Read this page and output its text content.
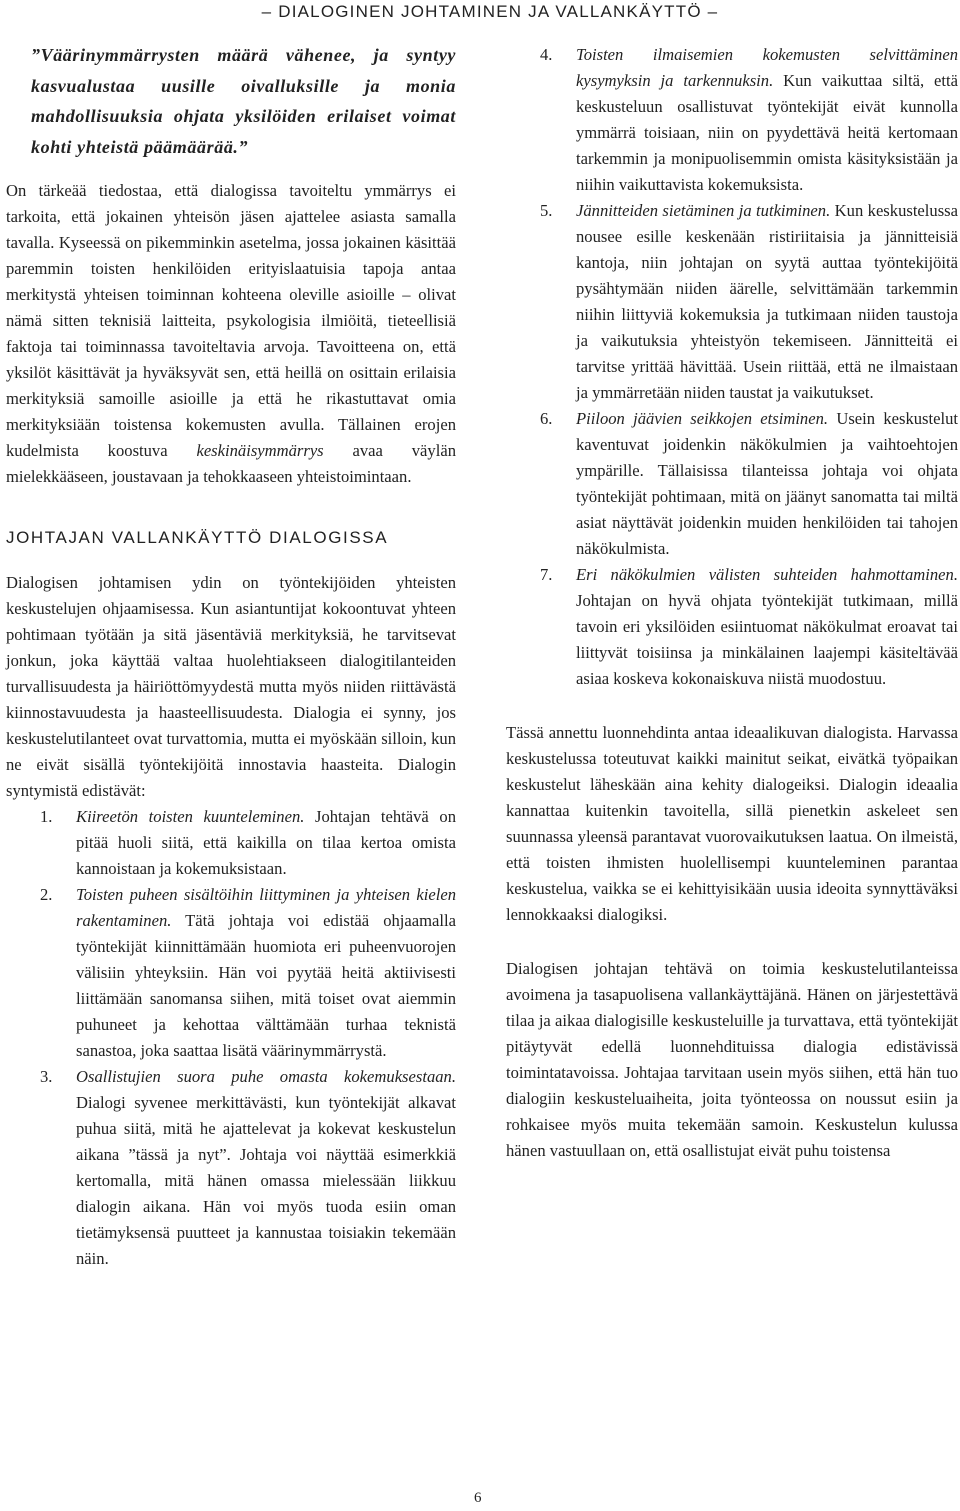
– DIALOGINEN JOHTAMINEN JA VALLANKÄYTTÖ –

”Väärinymmärrysten määrä vähenee, ja syntyy kasvualustaa uusille oivalluksille ja monia mahdollisuuksia ohjata yksilöiden erilaiset voimat kohti yhteistä päämäärää.”

On tärkeää tiedostaa, että dialogissa tavoiteltu ymmärrys ei tarkoita, että jokainen yhteisön jäsen ajattelee asiasta samalla tavalla. Kyseessä on pikemminkin asetelma, jossa jokainen käsittää paremmin toisten henkilöiden erityislaatuisia tapoja antaa merkitystä yhteisen toiminnan kohteena oleville asioille – olivat nämä sitten teknisiä laitteita, psykologisia ilmiöitä, tieteellisiä faktoja tai toiminnassa tavoiteltavia arvoja. Tavoitteena on, että yksilöt käsittävät ja hyväksyvät sen, että heillä on osittain erilaisia merkityksiä samoille asioille ja että he rikastuttavat omia merkityksiään toistensa kokemusten avulla. Tällainen erojen kudelmista koostuva keskinäisymmärrys avaa väylän mielekkääseen, joustavaan ja tehokkaaseen yhteistoimintaan.

JOHTAJAN VALLANKÄYTTÖ DIALOGISSA

Dialogisen johtamisen ydin on työntekijöiden yhteisten keskustelujen ohjaamisessa. Kun asiantuntijat kokoontuvat yhteen pohtimaan työtään ja sitä jäsentäviä merkityksiä, he tarvitsevat jonkun, joka käyttää valtaa huolehtiakseen dialogitilanteiden turvallisuudesta ja häiriöttömyydestä mutta myös niiden riittävästä kiinnostavuudesta ja haasteellisuudesta. Dialogia ei synny, jos keskustelutilanteet ovat turvattomia, mutta ei myöskään silloin, kun ne eivät sisällä työntekijöitä innostavia haasteita. Dialogin syntymistä edistävät:

1. Kiireetön toisten kuunteleminen. Johtajan tehtävä on pitää huoli siitä, että kaikilla on tilaa kertoa omista kannoistaan ja kokemuksistaan.
2. Toisten puheen sisältöihin liittyminen ja yhteisen kielen rakentaminen. Tätä johtaja voi edistää ohjaamalla työntekijät kiinnittämään huomiota eri puheenvuorojen välisiin yhteyksiin. Hän voi pyytää heitä aktiivisesti liittämään sanomansa siihen, mitä toiset ovat aiemmin puhuneet ja kehottaa välttämään turhaa teknistä sanastoa, joka saattaa lisätä väärinymmärrystä.
3. Osallistujien suora puhe omasta kokemuksestaan. Dialogi syvenee merkittävästi, kun työntekijät alkavat puhua siitä, mitä he ajattelevat ja kokevat keskustelun aikana ”tässä ja nyt”. Johtaja voi näyttää esimerkkiä kertomalla, mitä hänen omassa mielessään liikkuu dialogin aikana. Hän voi myös tuoda esiin oman tietämyksensä puutteet ja kannustaa toisiakin tekemään näin.
4. Toisten ilmaisemien kokemusten selvittäminen kysymyksin ja tarkennuksin. Kun vaikuttaa siltä, että keskusteluun osallistuvat työntekijät eivät kunnolla ymmärrä toisiaan, niin on pyydettävä heitä kertomaan tarkemmin ja monipuolisemmin omista käsityksistään ja niihin vaikuttavista kokemuksista.
5. Jännitteiden sietäminen ja tutkiminen. Kun keskustelussa nousee esille keskenään ristiriitaisia ja jännitteisiä kantoja, niin johtajan on syytä auttaa työntekijöitä pysähtymään niiden äärelle, selvittämään tarkemmin niihin liittyviä kokemuksia ja tutkimaan niiden taustoja ja vaikutuksia yhteistyön tekemiseen. Jännitteitä ei tarvitse yrittää hävittää. Usein riittää, että ne ilmaistaan ja ymmärretään niiden taustat ja vaikutukset.
6. Piiloon jäävien seikkojen etsiminen. Usein keskustelut kaventuvat joidenkin näkökulmien ja vaihtoehtojen ympärille. Tällaisissa tilanteissa johtaja voi ohjata työntekijät pohtimaan, mitä on jäänyt sanomatta tai miltä asiat näyttävät joidenkin muiden henkilöiden tai tahojen näkökulmista.
7. Eri näkökulmien välisten suhteiden hahmottaminen. Johtajan on hyvä ohjata työntekijät tutkimaan, millä tavoin eri yksilöiden esiintuomat näkökulmat eroavat tai liittyvät toisiinsa ja minkälainen laajempi käsiteltävää asiaa koskeva kokonaiskuva niistä muodostuu.

Tässä annettu luonnehdinta antaa ideaalikuvan dialogista. Harvassa keskustelussa toteutuvat kaikki mainitut seikat, eivätkä työpaikan keskustelut läheskään aina kehity dialogeiksi. Dialogin ideaalia kannattaa kuitenkin tavoitella, sillä pienetkin askeleet sen suunnassa yleensä parantavat vuorovaikutuksen laatua. On ilmeistä, että toisten ihmisten huolellisempi kuunteleminen parantaa keskustelua, vaikka se ei kehittyisikään uusia ideoita synnyttäväksi lennokkaaksi dialogiksi.

Dialogisen johtajan tehtävä on toimia keskustelutilanteissa avoimena ja tasapuolisena vallankäyttäjänä. Hänen on järjestettävä tilaa ja aikaa dialogisille keskusteluille ja turvattava, että työntekijät pitäytyvät edellä luonnehdituissa dialogia edistävissä toimintatavoissa. Johtajaa tarvitaan usein myös siihen, että hän tuo dialogiin keskusteluaiheita, joita työnteossa on noussut esiin ja rohkaisee myös muita tekemään samoin. Keskustelun kulussa hänen vastuullaan on, että osallistujat eivät puhu toistensa

6
